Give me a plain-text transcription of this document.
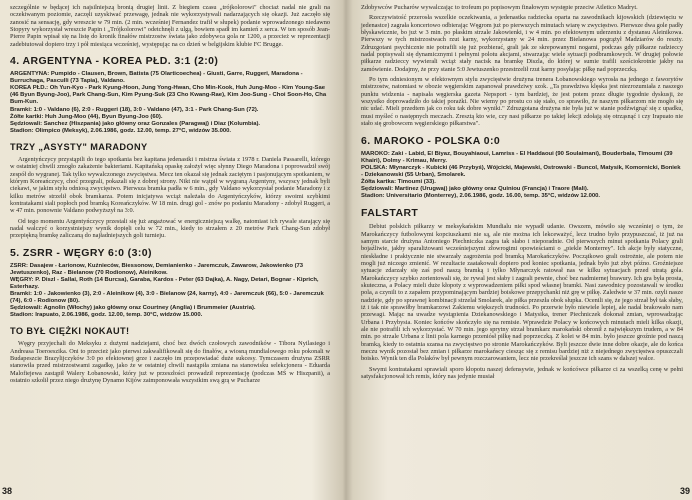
szczególnie w będącej ich najsilniejszą bronią drugiej linii. Z biegiem czasu „trójkolorowi" chociaż nadal nie grali na oczekiwanym poziomie, zaczęli uzyskiwać przewagę, jednak nie wykorzystywali nadarzających się okazji. Już zaczęło się zanosić na sensację, gdy wreszcie w 79 min. (2 min. wcześniej Fernandez trafił w słupek) podanie wprowadzonego niedawno Stopyry wykorzystał wreszcie Papin i „Trójkolorowi" odetchnęli z ulgą, bowiem spadł im kamień z serca. W ten sposób Jean-Pierre Papin wpisał się na listę do kronik finałów mistrzostw świata jako zdobywca gola nr 1200, a przecież w reprezentacji zadebiutował dopiero trzy i pół miesiąca wcześniej, występując na co dzień w belgijskim klubie FC Brugge.

4. ARGENTYNA - KOREA PŁD. 3:1 (2:0)
ARGENTYNA: Pumpido - Clausen, Brown, Batista (75 Olarticoechea) - Giusti, Garre, Ruggeri, Maradona - Burruchaga, Pasculli (73 Tapia), Valdano.
KOREA PŁD.: Oh Yun-Kyo - Park Kyung-Hoon, Jung Yong-Hwan, Cho Min-Kook, Huh Jung-Moo - Kim Young-Sae (46 Byun Byung-Joo), Park Chang-Sun, Kim Pyung-Suk (23 Cho Kwang-Rae), Kim Joo-Sung - Choi Soon-Ho, Cha Bum-Kun.
Bramki: 1:0 - Valdano (6), 2:0 - Ruggeri (18), 3:0 - Valdano (47), 3:1 - Park Chang-Sun (72).
Żółte kartki: Huh Jung-Moo (44), Byun Byung-Joo (60).
Sędziowali: Sanchez (Hiszpania) jako główny oraz Gonzales (Paragwaj) i Diaz (Kolumbia).
Stadion: Olimpico (Meksyk), 2.06.1986, godz. 12.00, temp. 27°C, widzów 35.000.
TRZY „ASYSTY" MARADONY

Argentyńczycy przystąpili do tego spotkania bez kapitana jedenastki i mistrza świata z 1978 r. Daniela Passarelli, którego w ostatniej chwili zmogło zakażenie bakteriami. Kapitańską opaskę założył więc słynny Diego Maradona i poprowadził swój zespół do wygranej. Tak tylko wywalczonego zwycięstwa. Mecz ten okazał się jednak zaciętym i pasjonującym spotkaniem, w którym Koreańczycy, choć przegrali, pokazali się z dobrej strony. Nikt nie wątpił w wygraną Argentyny, wszyscy jednak byli ciekawi, w jakim stylu odniosą zwycięstwo. Pierwsza bramka padła w 6 min., gdy Valdano wykorzystał podanie Maradony i z kilku metrów strzelił obok bramkarza. Potem inicjatywa wciąż należała do Argentyńczyków, którzy swoimi szybkimi kontratakami siali popłoch pod bramką Koreańczyków. W 18 min. drugi gol - znów po podaniu Maradony - zdobył Ruggeri, a w 47 min. ponownie Valdano podwyższył na 3:0.

Od tego momentu Argentyńczycy przestali się już angażować w energiczniejszą walkę, natomiast ich rywale starający się nadal walczyć o korzystniejszy wynik dopięli celu w 72 min., kiedy to strzałem z 20 metrów Park Chang-Sun zdobył przepiękną bramkę zaliczaną do najładniejszych goli turnieju.

5. ZSRR - WĘGRY 6:0 (3:0)
ZSRR: Dasajew - Łarionow, Kuźnieców, Biessonow, Demianienko - Jaremczuk, Zawarow, Jakowienko (73 Jewtuszenko), Raz - Bielanow (70 Rodionow), Aleinikow.
WĘGRY: P. Diszl - Sallai, Roth (14 Burcsa), Garaba, Kardos - Peter (63 Dajka), A. Nagy, Detari, Bognar - Kiprich, Esterhazy.
Bramki: 1:0 - Jakowienko (3), 2:0 - Aleinikow (4), 3:0 - Bielanow (24, karny), 4:0 - Jaremczuk (66), 5:0 - Jaremczuk (74), 6:0 - Rodionow (80).
Sędziowali: Agnolin (Włochy) jako główny oraz Courtney (Anglia) i Brummeier (Austria).
Stadion: Irapuato, 2.06.1986, godz. 12.00, temp. 30°C, widzów 15.000.
TO BYŁ CIĘŻKI NOKAUT!

Węgry przyjechali do Meksyku z dużymi nadziejami, choć bez dwóch czołowych zawodników - Tibora Nyilasiego i Andreasa Toeroeszika. Oni to przecież jako pierwsi zakwalifikowali się do finałów, a wiosną mundialowego roku pokonali w Budapeszcie Brazylijczyków 3:0 po efektownej grze i zaczęło im przepowiadać duże sukcesy. Tymczasem drużyna ZSRR stanowiła przed mistrzostwami zagadkę, jako że w ostatniej chwili nastąpiła zmiana na stanowisku selekcjonera - Eduarda Malofiejewa zastąpił Walery Łobanowski, który już w przeszłości prowadził reprezentację (podczas MŚ w Hiszpanii), a ostatnio szkolił przez niego drużynę Dynamo Kijów zaimponowała wszystkim swą grą w Pucharze

38

Zdobywców Pucharów wywalczając to trofeum po popisowym finałowym występie przeciw Atletico Madryt.

Rzeczywistość przerosła wszelkie oczekiwania, a jedenastka radziecka oparta na zawodnikach kijowskich (dziewięciu w jedenastce) zagrała koncertowo odbierając Węgrom już po pierwszych minutach wiarę w zwycięstwo. Pierwsze dwa gole padły błyskawicznie, bo już w 3 min. po płaskim strzale Jakowienki, i w 4 min. po efektownym uderzeniu z dystansu Aleinikowa. Pierwszy w tych mistrzostwach rzut karny, wykorzystany w 24 min. przez Bielanowa pogrążył Madziarów do reszty. Zdruzgotani psychicznie nie potrafili się już pozbierać, grali jak ze skrepowanymi nogami, podczas gdy piłkarze radzieccy nadal popisywali się dynamicznymi i pełnymi polotu akcjami, stwarzając wiele sytuacji podbramkowych. W drugiej połowie piłkarze radzieccy wywierali wciąż stały nacisk na bramkę Diszla, do której w sumie trafili sześciokrotnie jakby na zamówienie. Dodajmy, że przy stanie 5:0 Jewtuszenko przestrzelił rzut karny posyłając piłkę nad poprzeczką.

Po tym odniesionym w efektownym stylu zwycięstwie drużyna trenera Łobanowskiego wyrosła na jednego z faworytów mistrzostw, natomiast w obozie węgierskim zapanował prawdziwy szok. „Ta prawdziwa klęska jest niezrozumiała z naszego punktu widzenia - napisała węgierska gazeta Nepsport - tym bardziej, że jest potem przez długie tygodnie dyskusji, że wszystko doprowadziło do takiej porażki. Nie wiemy po prostu co się stało, co sprawiło, że naszym piłkarzom nie mogło się nic udać. Mieli przedtem jak co roku tak dobre wyniki." Zdruzgotana drużyna nie była już w stanie podźwignąć się z upadku, musi myśleć o następnych meczach. Zresztą kto wie, czy nasi piłkarze po takiej lekcji zdołają się otrząsnąć i czy Irapuato nie stało się grobowcem węgierskiego piłkarstwa".

6. MAROKO - POLSKA 0:0
MAROKO: Zaki - Labid, El Biyaz, Bouyahiaoui, Lamriss - El Haddaoui (90 Soulaimani), Bouderbala, Timoumi (39 Khairi), Dolmy - Krimau, Merry.
POLSKA: Młynarczyk - Kubicki (46 Przybyś), Wójcicki, Majewski, Ostrowski - Buncol, Matysik, Komornicki, Boniek - Dziekanowski (55 Urban), Smolarek.
Żółta kartka: Timoumi (33).
Sędziowali: Martinez (Urugwaj) jako główny oraz Quiniou (Francja) i Traore (Mali).
Stadion: Universitario (Monterrey), 2.06.1986, godz. 16.00, temp. 35°C, widzów 12.000.
FALSTART

Debiut polskich piłkarzy w meksykańskim Mundialu nie wypadł udanie. Owszem, mówiło się wcześniej o tym, że Marokańczycy futbolowymi kopciuszkami nie są, ale nie można ich lekceważyć, lecz trudno było przypuszczać, iż już na samym starcie drużyna Antoniego Piechniczka zagra tak słabo i nieporadnie. Od pierwszych minut spotkania Polacy grali bojaźliwie, jakby sparaliżowani wcześniejszymi złowrogimi opowieściami o „piekle Monterrey". Ich akcje były statyczne, nieskładne i praktycznie nie stwarzały zagrożenia pod bramką Marokańczyków. Początkowo grali ostrożnie, ale potem nie mogli już niczego zmienić. W rezultacie zaatakowali dopiero pod koniec spotkania, jednak było już zbyt późno. Groźniejsze sytuacje zdarzały się zaś pod naszą bramką i tylko Młynarczyk ratował nas w kilku sytuacjach przed utratą gola. Marokańczycy szybko zorientowali się, że rywal jest słaby i zagrali pewnie, choć bez nadmiernej brawury. Ich gra była prosta, skuteczna, a Polacy mieli duże kłopoty z wyprowadzeniem piłki spod własnej bramki. Nasi zawodnicy pozostawali w środku pola, a czynili to z zapałem przypominającym bardziej boiskowe przepychanki niż grę w piłkę. Zaledwie w 37 min. ozyli nasze nadzieje, gdy po sprawnej kombinacji strzelał Smolarek, ale piłka przeszła obok słupka. Ocenili się, że jego strzał był tak słaby, iż i tak nie sprawiłby bramkarzowi Zakiemu większych trudności. Po przerwie było niewiele lepiej, ale nadal brakowało nam przewagi. Mając na uwadze wystąpienia Dziekanowskiego i Matysika, trener Piechniczek dokonał zmian, wprowadzając Urbana i Przybysia. Koniec końców skończyło się na remisie. Wprawdzie Polacy w końcowych minutach mieli kilka okazji, ale nie potrafili ich wykorzystać. W 70 min. jego sprytny strzał bramkarz marokański obronił z największym trudem, a w 84 min. po strzale Urbana z linii pola karnego przeniósł piłkę nad poprzeczką. Z kolei w 84 min. było jeszcze groźnie pod naszą bramką, kiedy to ostatnia szansa na zwycięstwo po stronie Marokańczyków. Byli jeszcze dwie inne dobre okazje, ale do końca meczu wynik pozostał bez zmian i piłkarze marokańscy ciesząc się z remisu bardziej niż z niejednego zwycięstwa opuszczali boisko. Wynik ten dla Polaków był pewnym rozczarowaniem, lecz nie przekreślał jeszcze ich szans w dalszej walce.

Swymi kontratakami sprawiali sporo kłopotu naszej defensywie, jednak w końcówce piłkarze ci za wszelką cenę w pełni satysfakcjonował ich remis, który nas jedynie musiał

39
